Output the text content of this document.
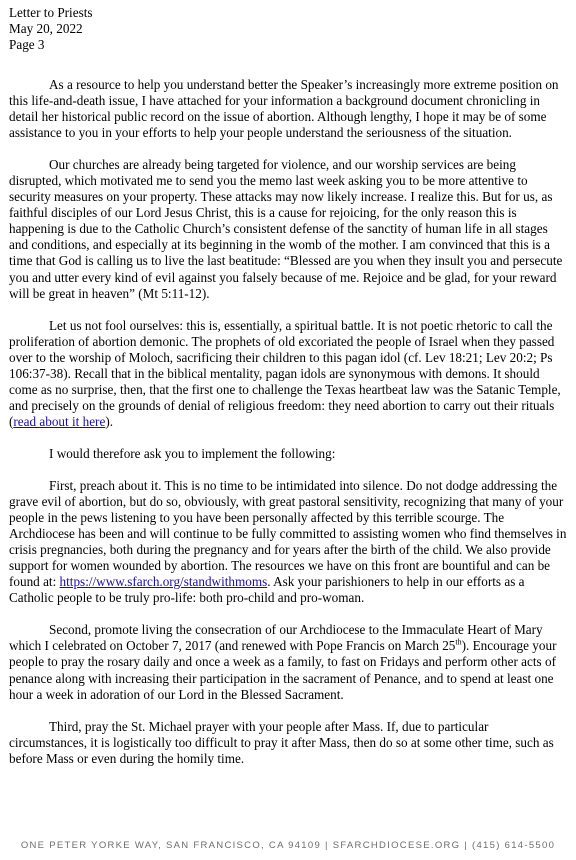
Letter to Priests
May 20, 2022
Page 3

As a resource to help you understand better the Speaker’s increasingly more extreme position on this life-and-death issue, I have attached for your information a background document chronicling in detail her historical public record on the issue of abortion. Although lengthy, I hope it may be of some assistance to you in your efforts to help your people understand the seriousness of the situation.

Our churches are already being targeted for violence, and our worship services are being disrupted, which motivated me to send you the memo last week asking you to be more attentive to security measures on your property. These attacks may now likely increase. I realize this. But for us, as faithful disciples of our Lord Jesus Christ, this is a cause for rejoicing, for the only reason this is happening is due to the Catholic Church’s consistent defense of the sanctity of human life in all stages and conditions, and especially at its beginning in the womb of the mother. I am convinced that this is a time that God is calling us to live the last beatitude: “Blessed are you when they insult you and persecute you and utter every kind of evil against you falsely because of me. Rejoice and be glad, for your reward will be great in heaven” (Mt 5:11-12).

Let us not fool ourselves: this is, essentially, a spiritual battle. It is not poetic rhetoric to call the proliferation of abortion demonic. The prophets of old excoriated the people of Israel when they passed over to the worship of Moloch, sacrificing their children to this pagan idol (cf. Lev 18:21; Lev 20:2; Ps 106:37-38). Recall that in the biblical mentality, pagan idols are synonymous with demons. It should come as no surprise, then, that the first one to challenge the Texas heartbeat law was the Satanic Temple, and precisely on the grounds of denial of religious freedom: they need abortion to carry out their rituals (read about it here).

I would therefore ask you to implement the following:

First, preach about it. This is no time to be intimidated into silence. Do not dodge addressing the grave evil of abortion, but do so, obviously, with great pastoral sensitivity, recognizing that many of your people in the pews listening to you have been personally affected by this terrible scourge. The Archdiocese has been and will continue to be fully committed to assisting women who find themselves in crisis pregnancies, both during the pregnancy and for years after the birth of the child. We also provide support for women wounded by abortion. The resources we have on this front are bountiful and can be found at: https://www.sfarch.org/standwithmoms. Ask your parishioners to help in our efforts as a Catholic people to be truly pro-life: both pro-child and pro-woman.

Second, promote living the consecration of our Archdiocese to the Immaculate Heart of Mary which I celebrated on October 7, 2017 (and renewed with Pope Francis on March 25th). Encourage your people to pray the rosary daily and once a week as a family, to fast on Fridays and perform other acts of penance along with increasing their participation in the sacrament of Penance, and to spend at least one hour a week in adoration of our Lord in the Blessed Sacrament.

Third, pray the St. Michael prayer with your people after Mass. If, due to particular circumstances, it is logistically too difficult to pray it after Mass, then do so at some other time, such as before Mass or even during the homily time.

ONE PETER YORKE WAY, SAN FRANCISCO, CA 94109 | SFARCHDIOCESE.ORG | (415) 614-5500
